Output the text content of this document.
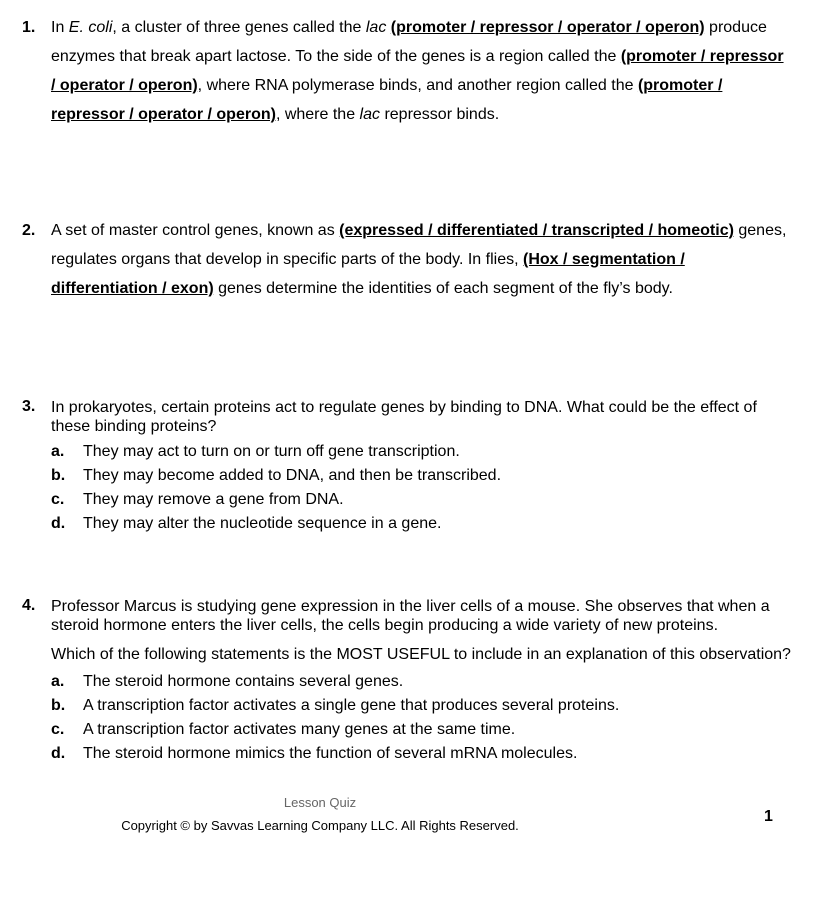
1. In E. coli, a cluster of three genes called the lac (promoter / repressor / operator / operon) produce enzymes that break apart lactose. To the side of the genes is a region called the (promoter / repressor / operator / operon), where RNA polymerase binds, and another region called the (promoter / repressor / operator / operon), where the lac repressor binds.
2. A set of master control genes, known as (expressed / differentiated / transcripted / homeotic) genes, regulates organs that develop in specific parts of the body. In flies, (Hox / segmentation / differentiation / exon) genes determine the identities of each segment of the fly’s body.
3. In prokaryotes, certain proteins act to regulate genes by binding to DNA. What could be the effect of these binding proteins?
a. They may act to turn on or turn off gene transcription.
b. They may become added to DNA, and then be transcribed.
c. They may remove a gene from DNA.
d. They may alter the nucleotide sequence in a gene.
4. Professor Marcus is studying gene expression in the liver cells of a mouse. She observes that when a steroid hormone enters the liver cells, the cells begin producing a wide variety of new proteins.
Which of the following statements is the MOST USEFUL to include in an explanation of this observation?
a. The steroid hormone contains several genes.
b. A transcription factor activates a single gene that produces several proteins.
c. A transcription factor activates many genes at the same time.
d. The steroid hormone mimics the function of several mRNA molecules.
Lesson Quiz
Copyright © by Savvas Learning Company LLC. All Rights Reserved.
1
